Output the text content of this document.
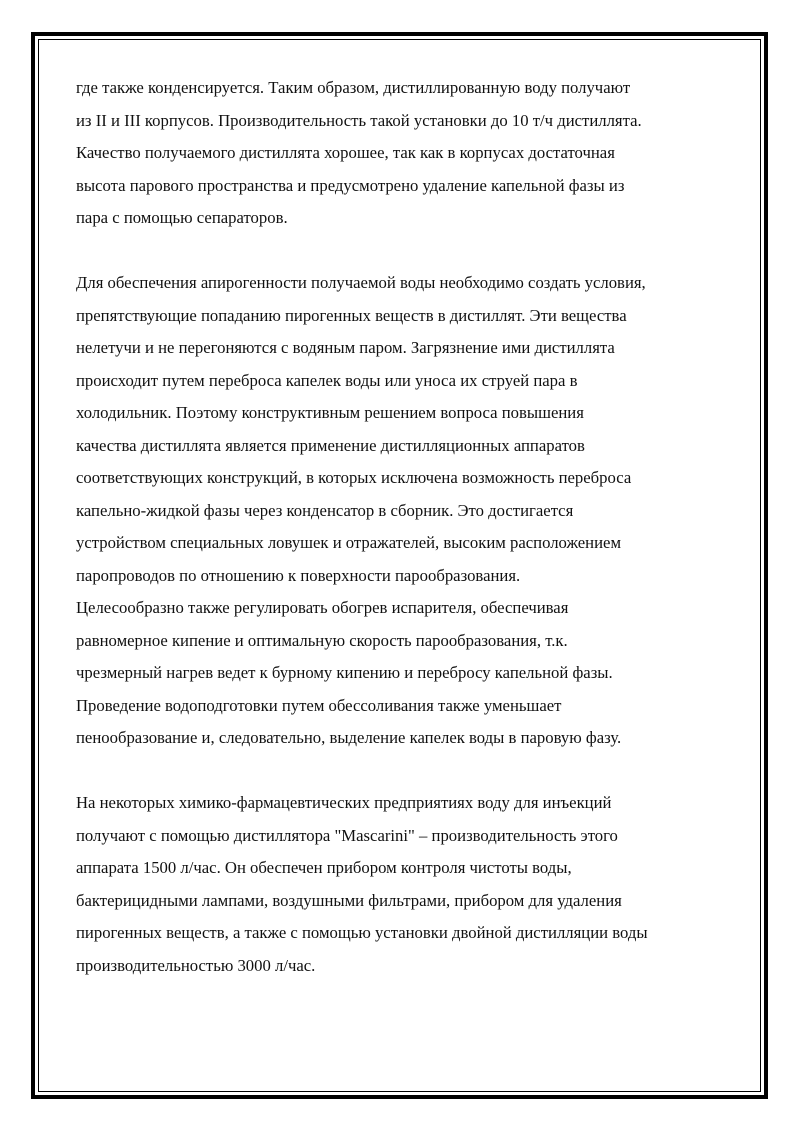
где также конденсируется. Таким образом, дистиллированную воду получают
из II и III корпусов. Производительность такой установки до 10 т/ч дистиллята.
Качество получаемого дистиллята хорошее, так как в корпусах достаточная
высота парового пространства и предусмотрено удаление капельной фазы из
пара с помощью сепараторов.

Для обеспечения апирогенности получаемой воды необходимо создать условия,
препятствующие попаданию пирогенных веществ в дистиллят. Эти вещества
нелетучи и не перегоняются с водяным паром. Загрязнение ими дистиллята
происходит путем переброса капелек воды или уноса их струей пара в
холодильник. Поэтому конструктивным решением вопроса повышения
качества дистиллята является применение дистилляционных аппаратов
соответствующих конструкций, в которых исключена возможность переброса
капельно-жидкой фазы через конденсатор в сборник. Это достигается
устройством специальных ловушек и отражателей, высоким расположением
паропроводов по отношению к поверхности парообразования.
Целесообразно также регулировать обогрев испарителя, обеспечивая
равномерное кипение и оптимальную скорость парообразования, т.к.
чрезмерный нагрев ведет к бурному кипению и перебросу капельной фазы.
Проведение водоподготовки путем обессоливания также уменьшает
пенообразование и, следовательно, выделение капелек воды в паровую фазу.

На некоторых химико-фармацевтических предприятиях воду для инъекций
получают с помощью дистиллятора "Mascarini" – производительность этого
аппарата 1500 л/час. Он обеспечен прибором контроля чистоты воды,
бактерицидными лампами, воздушными фильтрами, прибором для удаления
пирогенных веществ, а также с помощью установки двойной дистилляции воды
производительностью 3000 л/час.
